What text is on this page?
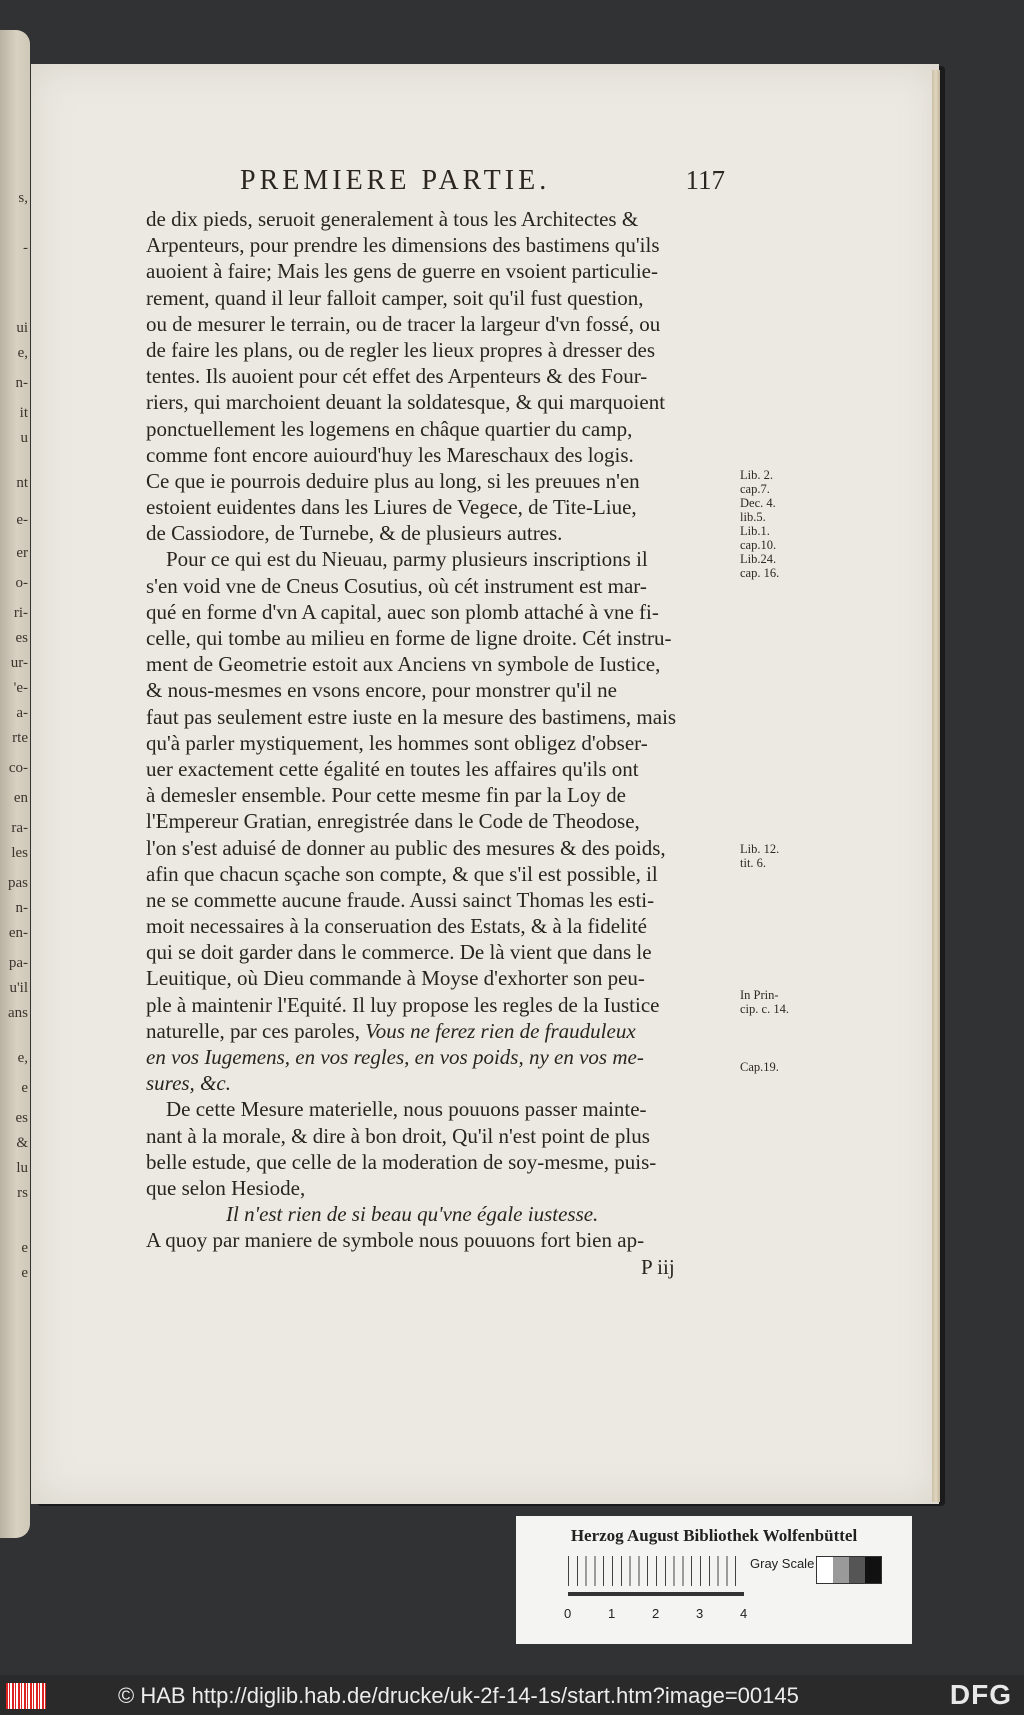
s,
-
ui
e,
n-
it
u
nt
e-
er
o-
ri-
es
ur-
'e-
a-
rte
co-
en
ra-
les
pas
n-
en-
pa-
u'il
ans
e,
e
es
&
lu
rs
e
e
PREMIERE PARTIE.	117
de dix pieds, seruoit generalement à tous les Architectes &
Arpenteurs, pour prendre les dimensions des bastimens qu'ils
auoient à faire; Mais les gens de guerre en vsoient particulie-
rement, quand il leur falloit camper, soit qu'il fust question,
ou de mesurer le terrain, ou de tracer la largeur d'vn fossé, ou
de faire les plans, ou de regler les lieux propres à dresser des
tentes. Ils auoient pour cét effet des Arpenteurs & des Four-
riers, qui marchoient deuant la soldatesque, & qui marquoient
ponctuellement les logemens en châque quartier du camp,
comme font encore auiourd'huy les Mareschaux des logis.
Ce que ie pourrois deduire plus au long, si les preuues n'en
estoient euidentes dans les Liures de Vegece, de Tite-Liue,
de Cassiodore, de Turnebe, & de plusieurs autres.
Pour ce qui est du Nieuau, parmy plusieurs inscriptions il
s'en void vne de Cneus Cosutius, où cét instrument est mar-
qué en forme d'vn A capital, auec son plomb attaché à vne fi-
celle, qui tombe au milieu en forme de ligne droite. Cét instru-
ment de Geometrie estoit aux Anciens vn symbole de Iustice,
& nous-mesmes en vsons encore, pour monstrer qu'il ne
faut pas seulement estre iuste en la mesure des bastimens, mais
qu'à parler mystiquement, les hommes sont obligez d'obser-
uer exactement cette égalité en toutes les affaires qu'ils ont
à demesler ensemble. Pour cette mesme fin par la Loy de
l'Empereur Gratian, enregistrée dans le Code de Theodose,
l'on s'est aduisé de donner au public des mesures & des poids,
afin que chacun sçache son compte, & que s'il est possible, il
ne se commette aucune fraude. Aussi sainct Thomas les esti-
moit necessaires à la conseruation des Estats, & à la fidelité
qui se doit garder dans le commerce. De là vient que dans le
Leuitique, où Dieu commande à Moyse d'exhorter son peu-
ple à maintenir l'Equité. Il luy propose les regles de la Iustice
naturelle, par ces paroles, Vous ne ferez rien de frauduleux
en vos Iugemens, en vos regles, en vos poids, ny en vos me-
sures, &c.
De cette Mesure materielle, nous pouuons passer mainte-
nant à la morale, & dire à bon droit, Qu'il n'est point de plus
belle estude, que celle de la moderation de soy-mesme, puis-
que selon Hesiode,
Il n'est rien de si beau qu'vne égale iustesse.
A quoy par maniere de symbole nous pouuons fort bien ap-
P iij
Lib. 2.
cap.7.
Dec. 4.
lib.5.
Lib.1.
cap.10.
Lib.24.
cap. 16.
Lib. 12.
tit. 6.
In Prin-
cip. c. 14.
Cap.19.
Herzog August Bibliothek Wolfenbüttel
Gray Scale
0	1	2	3	4
© HAB http://diglib.hab.de/drucke/uk-2f-14-1s/start.htm?image=00145	DFG
